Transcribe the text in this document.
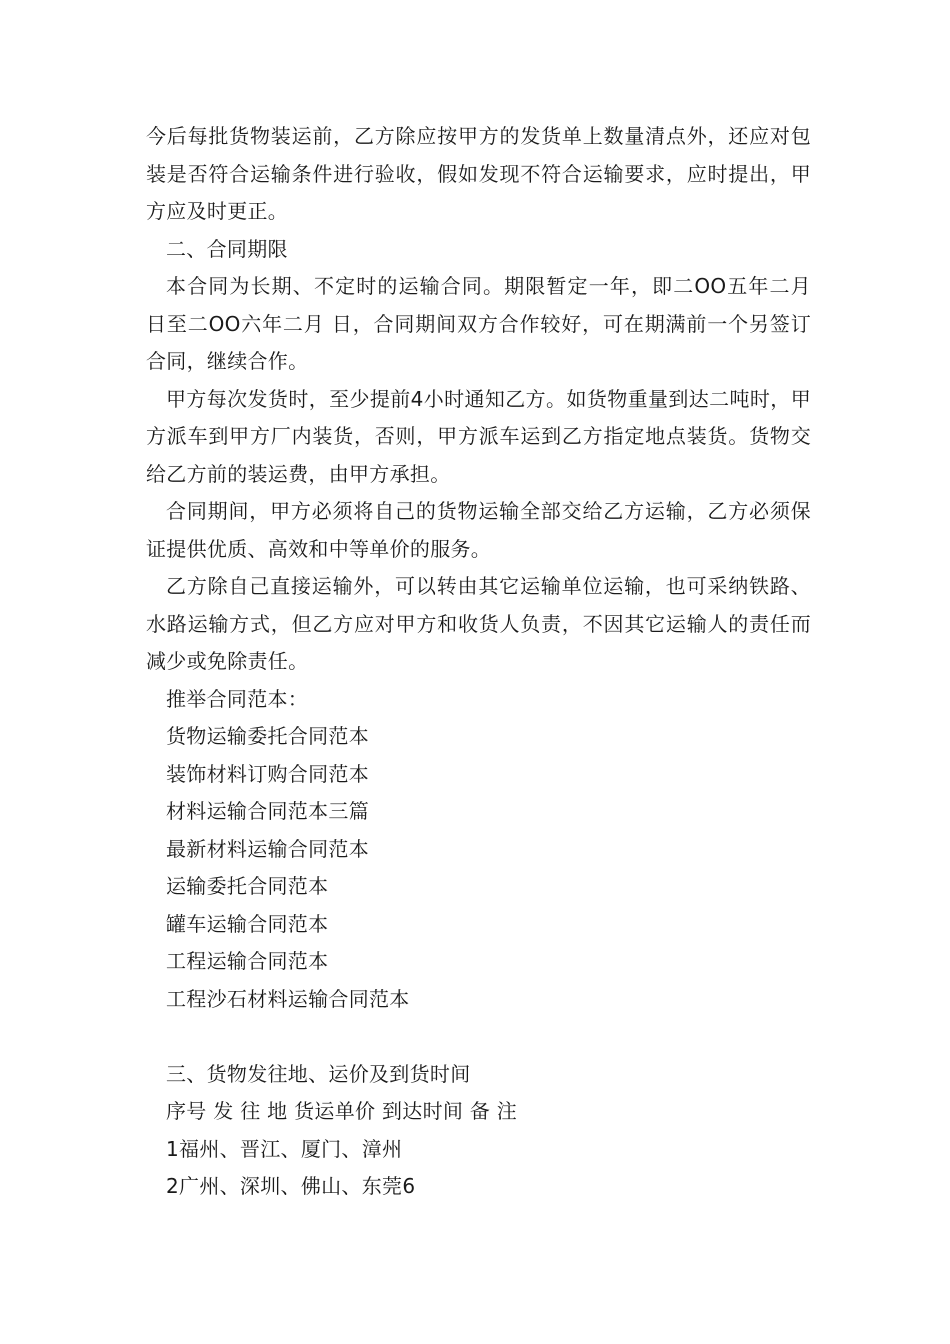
今后每批货物装运前，乙方除应按甲方的发货单上数量清点外，还应对包装是否符合运输条件进行验收，假如发现不符合运输要求，应时提出，甲方应及时更正。

二、合同期限

本合同为长期、不定时的运输合同。期限暂定一年，即二OO五年二月 日至二OO六年二月 日，合同期间双方合作较好，可在期满前一个另签订合同，继续合作。

甲方每次发货时，至少提前4小时通知乙方。如货物重量到达二吨时，甲方派车到甲方厂内装货，否则，甲方派车运到乙方指定地点装货。货物交给乙方前的装运费，由甲方承担。

合同期间，甲方必须将自己的货物运输全部交给乙方运输，乙方必须保证提供优质、高效和中等单价的服务。

乙方除自己直接运输外，可以转由其它运输单位运输，也可采纳铁路、水路运输方式，但乙方应对甲方和收货人负责，不因其它运输人的责任而减少或免除责任。

推举合同范本：

货物运输委托合同范本

装饰材料订购合同范本

材料运输合同范本三篇

最新材料运输合同范本

运输委托合同范本

罐车运输合同范本

工程运输合同范本

工程沙石材料运输合同范本

三、货物发往地、运价及到货时间

序号 发 往 地 货运单价 到达时间 备 注

1福州、晋江、厦门、漳州

2广州、深圳、佛山、东莞6
